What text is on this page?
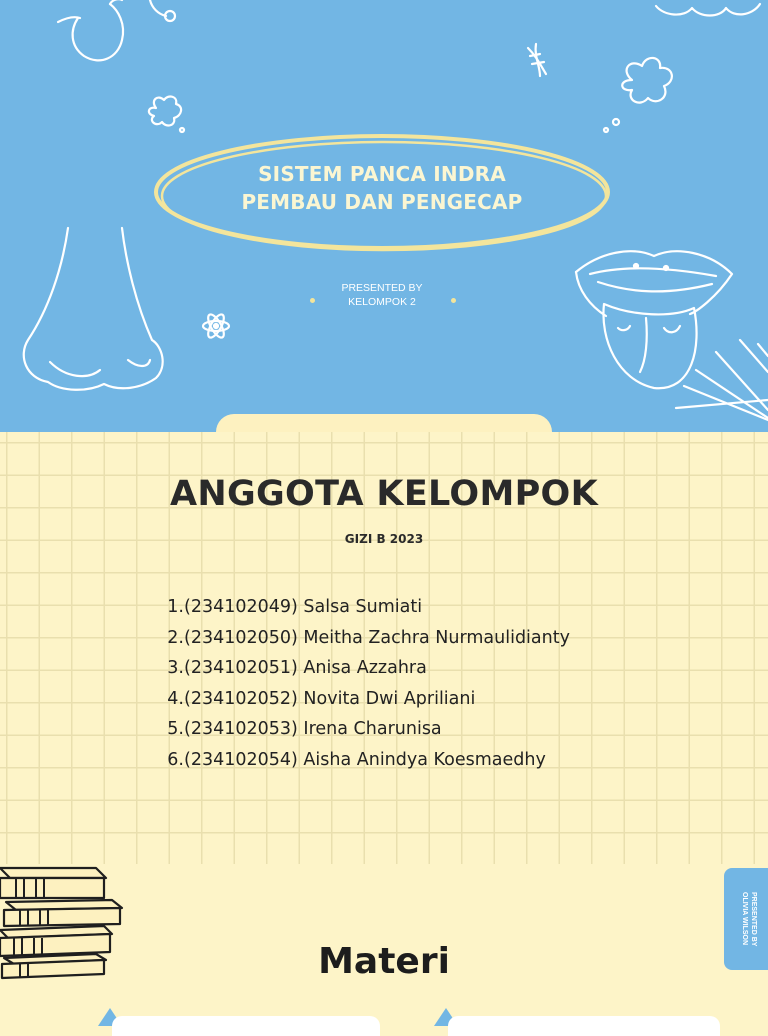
SISTEM PANCA INDRA
PEMBAU DAN PENGECAP
PRESENTED BY
KELOMPOK 2
ANGGOTA KELOMPOK
GIZI B 2023
1.(234102049) Salsa Sumiati
2.(234102050) Meitha Zachra Nurmaulidianty
3.(234102051) Anisa Azzahra
4.(234102052) Novita Dwi Apriliani
5.(234102053) Irena Charunisa
6.(234102054) Aisha Anindya Koesmaedhy
Materi
PRESENTED BY
OLIVIA WILSON
